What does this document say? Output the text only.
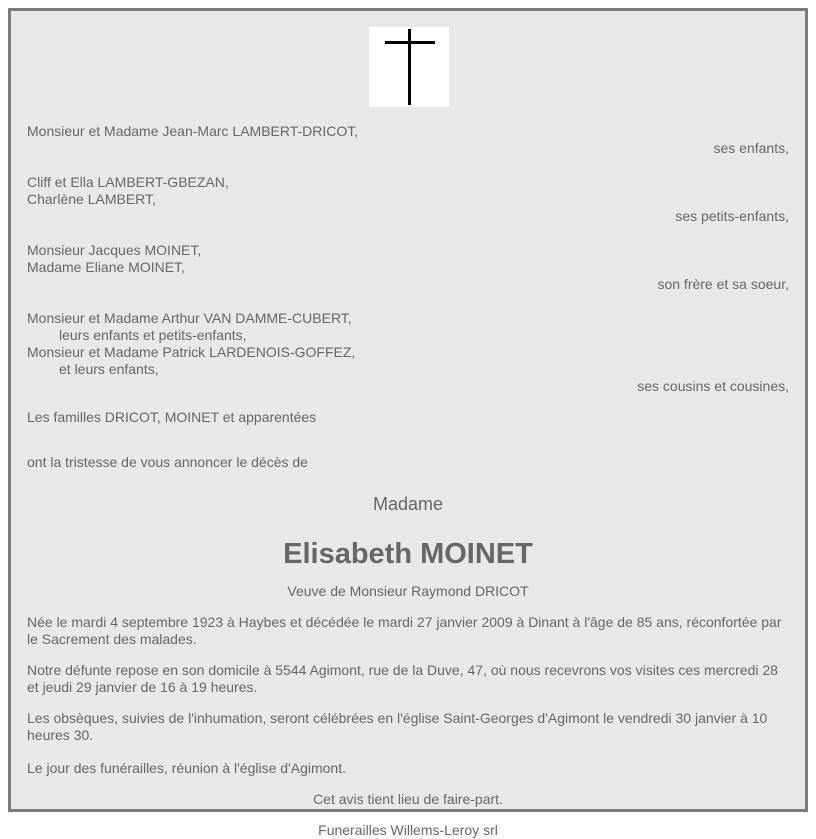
Monsieur et Madame Jean-Marc LAMBERT-DRICOT,

ses enfants,

Cliff et Ella LAMBERT-GBEZAN,

Charlène LAMBERT,

ses petits-enfants,

Monsieur Jacques MOINET,

Madame Eliane MOINET,

son frère et sa soeur,

Monsieur et Madame Arthur VAN DAMME-CUBERT,

leurs enfants et petits-enfants,

Monsieur et Madame Patrick LARDENOIS-GOFFEZ,

et leurs enfants,

ses cousins et cousines,

Les familles DRICOT, MOINET et apparentées

ont la tristesse de vous annoncer le décès de

Madame

Elisabeth MOINET

Veuve de Monsieur Raymond DRICOT

Née le mardi 4 septembre 1923 à Haybes et décédée le mardi 27 janvier 2009 à Dinant à l'âge de 85 ans, réconfortée par le Sacrement des malades.

Notre défunte repose en son domicile à 5544 Agimont, rue de la Duve, 47, où nous recevrons vos visites ces mercredi 28 et jeudi 29 janvier de 16 à 19 heures.

Les obsèques, suivies de l'inhumation, seront célébrées en l'église Saint-Georges d'Agimont le vendredi 30 janvier à 10 heures 30.

Le jour des funérailles, réunion à l'église d'Agimont.

Cet avis tient lieu de faire-part.

Funerailles Willems-Leroy srl
